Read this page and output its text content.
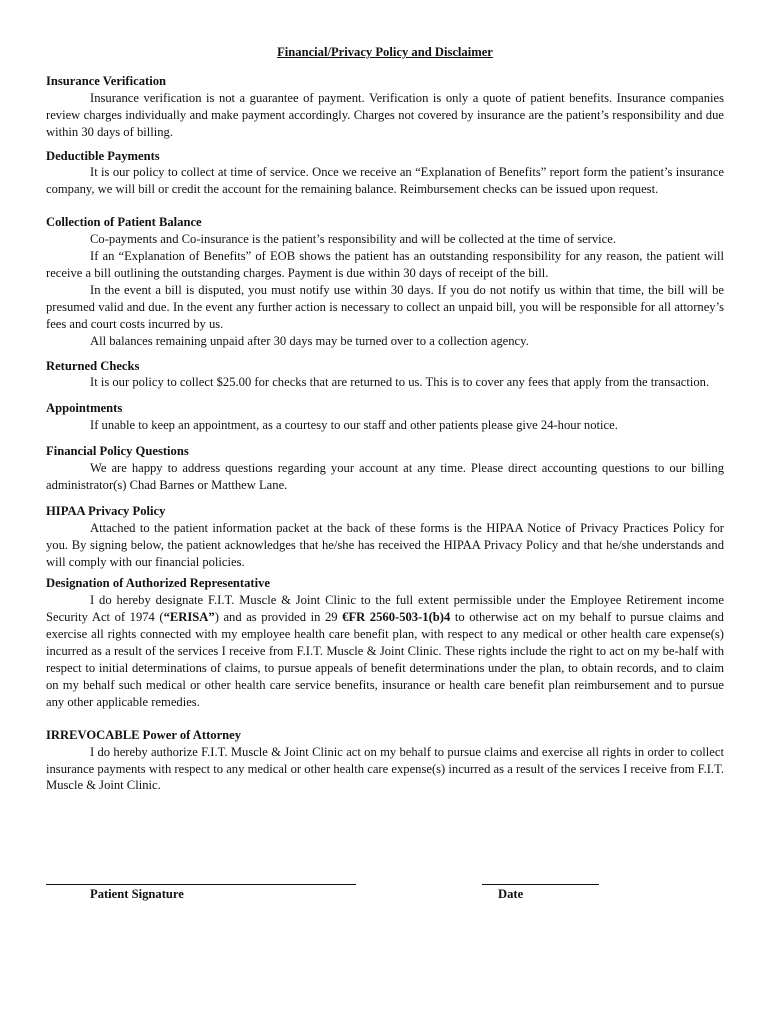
Financial/Privacy Policy and Disclaimer
Insurance Verification

Insurance verification is not a guarantee of payment. Verification is only a quote of patient benefits. Insurance companies review charges individually and make payment accordingly. Charges not covered by insurance are the patient’s responsibility and due within 30 days of billing.

Deductible Payments

It is our policy to collect at time of service. Once we receive an “Explanation of Benefits” report form the patient’s insurance company, we will bill or credit the account for the remaining balance. Reimbursement checks can be issued upon request.

Collection of Patient Balance

Co-payments and Co-insurance is the patient’s responsibility and will be collected at the time of service.

If an “Explanation of Benefits” of EOB shows the patient has an outstanding responsibility for any reason, the patient will receive a bill outlining the outstanding charges. Payment is due within 30 days of receipt of the bill.

In the event a bill is disputed, you must notify use within 30 days. If you do not notify us within that time, the bill will be presumed valid and due. In the event any further action is necessary to collect an unpaid bill, you will be responsible for all attorney’s fees and court costs incurred by us.

All balances remaining unpaid after 30 days may be turned over to a collection agency.

Returned Checks

It is our policy to collect $25.00 for checks that are returned to us. This is to cover any fees that apply from the transaction.

Appointments

If unable to keep an appointment, as a courtesy to our staff and other patients please give 24-hour notice.

Financial Policy Questions

We are happy to address questions regarding your account at any time. Please direct accounting questions to our billing administrator(s) Chad Barnes or Matthew Lane.

HIPAA Privacy Policy

Attached to the patient information packet at the back of these forms is the HIPAA Notice of Privacy Practices Policy for you. By signing below, the patient acknowledges that he/she has received the HIPAA Privacy Policy and that he/she understands and will comply with our financial policies.

Designation of Authorized Representative

I do hereby designate F.I.T. Muscle & Joint Clinic to the full extent permissible under the Employee Retirement income Security Act of 1974 (“ERISA”) and as provided in 29 €FR 2560-503-1(b)4 to otherwise act on my behalf to pursue claims and exercise all rights connected with my employee health care benefit plan, with respect to any medical or other health care expense(s) incurred as a result of the services I receive from F.I.T. Muscle & Joint Clinic. These rights include the right to act on my be-half with respect to initial determinations of claims, to pursue appeals of benefit determinations under the plan, to obtain records, and to claim on my behalf such medical or other health care service benefits, insurance or health care benefit plan reimbursement and to pursue any other applicable remedies.

IRREVOCABLE Power of Attorney

I do hereby authorize F.I.T. Muscle & Joint Clinic act on my behalf to pursue claims and exercise all rights in order to collect insurance payments with respect to any medical or other health care expense(s) incurred as a result of the services I receive from F.I.T. Muscle & Joint Clinic.

Patient Signature	Date
